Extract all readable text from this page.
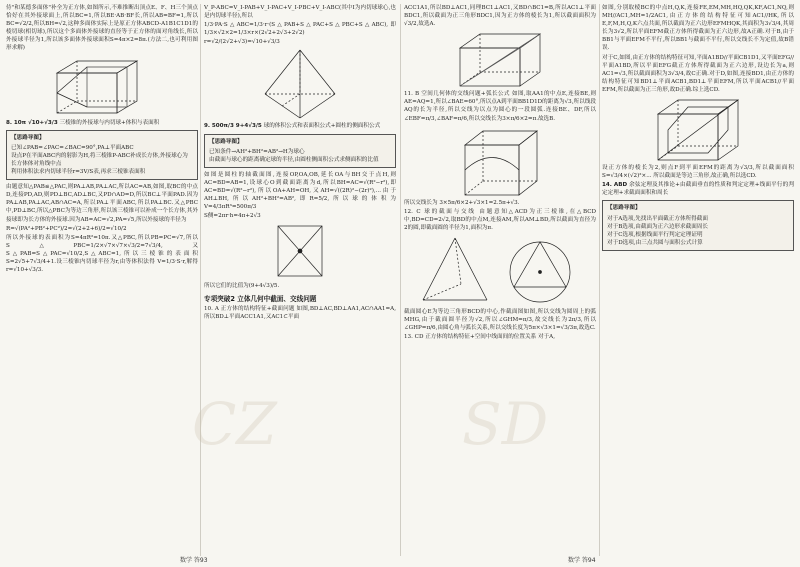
CZ	SD

侍"和某德多面体"补全为正方体,如图所示,不难推断出顶点E、F、H三个顶点恰好在其外接球面上,所以BC=1,所以BE·AB·BF长,所以AB=BF=1,所以BC=√2/2,所以BH=√2,这种多面体实际上是原正方体ABCD-A1B1C1D1的棱切球(相切球),所以这个多面体外接球的直径等于正方体的面对角线长,所以外接球半径为1,所以该多面体外接球面积S=4π×2=8π.(方法二,也可利用图形求解)

8. 10π √10+√3/3 三棱锥的外接球与内切球+体积与表面积

【思路导图】
已知∠PAB=∠PAC=∠BAC=90°,PA⊥平面ABC
设点P在平面ABC内的射影为H,将三棱锥P-ABC补成长方体,外接球心为长方体体对角线中点
利用体积法求内切球半径r=3V/S表,再求三棱锥表面积

由题意知△PAB≌△PAC,则PA⊥AB,PA⊥AC,所以AC=AB,如图,取BC的中点D,连接PD,AD,则PD⊥BC,AD⊥BC,又PD∩AD=D,所以BC⊥平面PAD.因为PA⊥AB,PA⊥AC,AB∩AC=A,所以PA⊥平面ABC,所以PA⊥BC.又△PBC中,PD⊥BC,所以△PBC为等边三角形,所以该三棱锥可以补成一个长方体,其外接球即为长方体的外接球.因为AB=AC=√2,PA=√5,所以外接球的半径为

R=√(PA²+PB²+PC²)/2=√(2+2+6)/2=√10/2

所以外接球的表面积为S=4πR²=10π.又△PBC,所以PB=PC=√7,所以S△PBC=1/2×√7×√7×√3/2=7√3/4,又S△PAB=S△PAC=√10/2,S△ABC=1,所以三棱锥的表面积S=2√5+7√3/4+1.设三棱锥内切球半径为r,由等体积法得 V=1/3·S·r,解得r=√10+√3/3.

V_P-ABC=V_I-PAB+V_I-PAC+V_I-PBC+V_I-ABC(其中I为内切球球心,也是内切球半径),所以

1/3·PA·S△ABC=1/3·r·(S△PAB+S△PAC+S△PBC+S△ABC),即1/3×√2×2=1/3×r×(2√2+2√3+2√2)

r=√2/(2√2+√3)=√10+√3/3

9. 500π/3 9+4√3/5 球的体积公式和表面积公式+圆柱的侧面积公式

【思路导图】
已知条件→AH²+BH²=AB²→H为球心
由截面与球心的距离确定球的半径,由圆柱侧面积公式求侧面积的比值

如图是圆柱的轴截面图,连接OP,OA,OB,延长OA与BH交于点H,则AC=BD=AB=1,设球心O到截面距离为d,所以BH=AC=√(R²−r²),即AC=BD=√(R²−r²),所以OA+AH=OH,又AH=√((2R)²−(2r)²),...由于AH⊥BH,所以AH²+BH²=AB²,即R=5/2,所以球的体积为 V=4/3πR³=500π/3

S侧=2πr·h=4π+2√3

所以它们的比值为(9+4√3)/5.

专项突破2 立体几何中截面、交线问题

10. A 正方体的结构特征+截面问题 如图,BD⊥AC,BD⊥AA1,AC∩AA1=A,所以BD⊥平面ACC1A1,又AC1⊂平面

ACC1A1,所以BD⊥AC1,同理BC1⊥AC1,又BD∩BC1=B,所以AC1⊥平面BDC1,所以截面为正三角形BDC1,因为正方体的棱长为1,所以截面面积为√3/2,故选A.

11. B 空间几何体的交线问题+弧长公式 如图,取AA1的中点E,连接BE,则AE=AQ=1,所以∠BAE=60°,所以点A到平面BB1D1D的距离为√3,所以线段AQ的长为半径,所以交线为以点为圆心的一段圆弧.连接BE、DF,所以∠EBF=π/3,∠BAF=π/6,所以交线长为3×π/6×2=π.故选B.

所以交线长为 3×5π/6×2+√3×1=2.5π+√3.

12. C 球的截面与交线 由题意知△ACD为正三棱锥,在△BCD中,BD=CD=2√2,取BD的中点M,连接AM,所以AM⊥BD,所以截面为直径为2的圆,即截面圆的半径为1,面积为π.

截面圆心E为等边三角形BCD的中心,作截面图如图,所以交线为圆周上的弧MHG,由于截面圆半径为√2,所以∠GHM=π/3,故交线长为2π/3,所以∠GHP=π/6,由圆心角与弧长关系,所以交线长度为5π×√3×1=√3/3π,故选C.

13. CD 正方体的结构特征+空间中线面间的位置关系 对于A,

如图,分别取棱BC的中点H,Q,K,连接FE,EM,MH,HQ,QK,KF,AC1,NQ,则MH//AC1,MH=1/2AC1,由正方体的结构特征可知AC1//HK,所以E,F,M,H,Q,K六点共面,所以截面为正六边形EFMHQK,其面积为3√3/4,其周长为3√2,所以平面EFM截正方体所得截面为正六边形,故A正确.对于B,由于BB1与平面EFM不平行,所以BB1与截面不平行,所以交线长不为定值,故B错误.

对于C,如图,由正方体的结构特征可知,平面A1BD//平面CB1D1,又平面EFG//平面A1BD,所以平面EFG截正方体所得截面为正六边形,设边长为a,则AC1=√3,所以截面面积为3√3/4,故C正确.对于D,如图,连接BD1,由正方体的结构特征可知BD1⊥平面ACB1,BD1⊥平面EFM,所以平面ACB1//平面EFM,所以截面为正三角形,故D正确.综上选CD.

设正方体的棱长为2,则点F到平面EFM的距离为√3/3,所以截面面积S=√3/4×(√2)²×... 所以截面是等边三角形,故正确,所以选CD.

14. ABD 余弦定理及其推论+由截面垂直的性质和判定定理+线面平行的判定定理+求截面面积和周长

【思路导图】
对于A选项,先找出平面截正方体所得截面
对于B选项,由截面为正六边形求截面周长
对于C选项,根据线面平行判定定理证明
对于D选项,由三点共圆与面积公式计算
数学 答93	数学 答94
